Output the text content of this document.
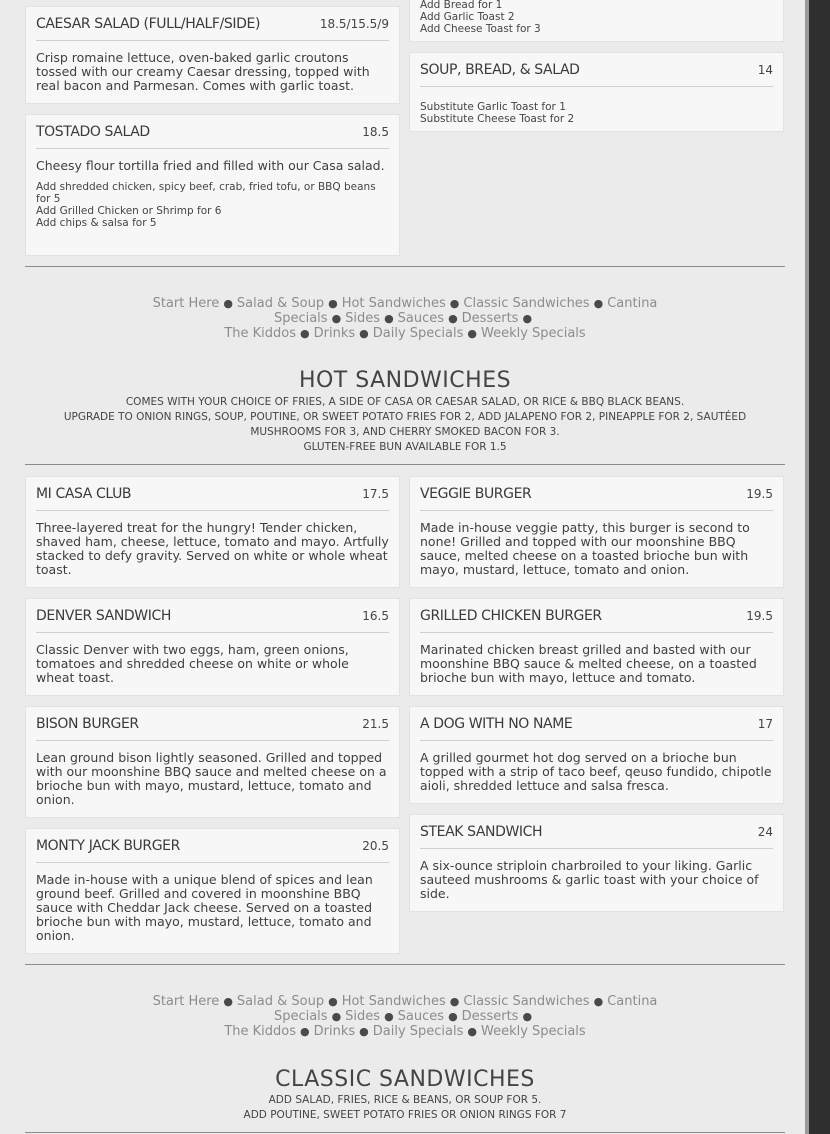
CAESAR SALAD (FULL/HALF/SIDE)	18.5/15.5/9
Crisp romaine lettuce, oven-baked garlic croutons tossed with our creamy Caesar dressing, topped with real bacon and Parmesan. Comes with garlic toast.
TOSTADO SALAD	18.5
Cheesy flour tortilla fried and filled with our Casa salad.
Add shredded chicken, spicy beef, crab, fried tofu, or BBQ beans for 5
Add Grilled Chicken or Shrimp for 6
Add chips & salsa for 5
Add Bread for 1
Add Garlic Toast 2
Add Cheese Toast for 3
SOUP, BREAD, & SALAD	14
Substitute Garlic Toast for 1
Substitute Cheese Toast for 2
Start Here ● Salad & Soup ● Hot Sandwiches ● Classic Sandwiches ● Cantina Specials ● Sides ● Sauces ● Desserts ●
The Kiddos ● Drinks ● Daily Specials ● Weekly Specials
HOT SANDWICHES
COMES WITH YOUR CHOICE OF FRIES, A SIDE OF CASA OR CAESAR SALAD, OR RICE & BBQ BLACK BEANS.
UPGRADE TO ONION RINGS, SOUP, POUTINE, OR SWEET POTATO FRIES FOR 2, ADD JALAPENO FOR 2, PINEAPPLE FOR 2, SAUTÉED MUSHROOMS FOR 3, AND CHERRY SMOKED BACON FOR 3.
GLUTEN-FREE BUN AVAILABLE FOR 1.5
MI CASA CLUB	17.5
Three-layered treat for the hungry! Tender chicken, shaved ham, cheese, lettuce, tomato and mayo. Artfully stacked to defy gravity. Served on white or whole wheat toast.
DENVER SANDWICH	16.5
Classic Denver with two eggs, ham, green onions, tomatoes and shredded cheese on white or whole wheat toast.
BISON BURGER	21.5
Lean ground bison lightly seasoned. Grilled and topped with our moonshine BBQ sauce and melted cheese on a brioche bun with mayo, mustard, lettuce, tomato and onion.
MONTY JACK BURGER	20.5
Made in-house with a unique blend of spices and lean ground beef. Grilled and covered in moonshine BBQ sauce with Cheddar Jack cheese. Served on a toasted brioche bun with mayo, mustard, lettuce, tomato and onion.
VEGGIE BURGER	19.5
Made in-house veggie patty, this burger is second to none! Grilled and topped with our moonshine BBQ sauce, melted cheese on a toasted brioche bun with mayo, mustard, lettuce, tomato and onion.
GRILLED CHICKEN BURGER	19.5
Marinated chicken breast grilled and basted with our moonshine BBQ sauce & melted cheese, on a toasted brioche bun with mayo, lettuce and tomato.
A DOG WITH NO NAME	17
A grilled gourmet hot dog served on a brioche bun topped with a strip of taco beef, qeuso fundido, chipotle aioli, shredded lettuce and salsa fresca.
STEAK SANDWICH	24
A six-ounce striploin charbroiled to your liking. Garlic sauteed mushrooms & garlic toast with your choice of side.
Start Here ● Salad & Soup ● Hot Sandwiches ● Classic Sandwiches ● Cantina Specials ● Sides ● Sauces ● Desserts ●
The Kiddos ● Drinks ● Daily Specials ● Weekly Specials
CLASSIC SANDWICHES
ADD SALAD, FRIES, RICE & BEANS, OR SOUP FOR 5.
ADD POUTINE, SWEET POTATO FRIES OR ONION RINGS FOR 7
